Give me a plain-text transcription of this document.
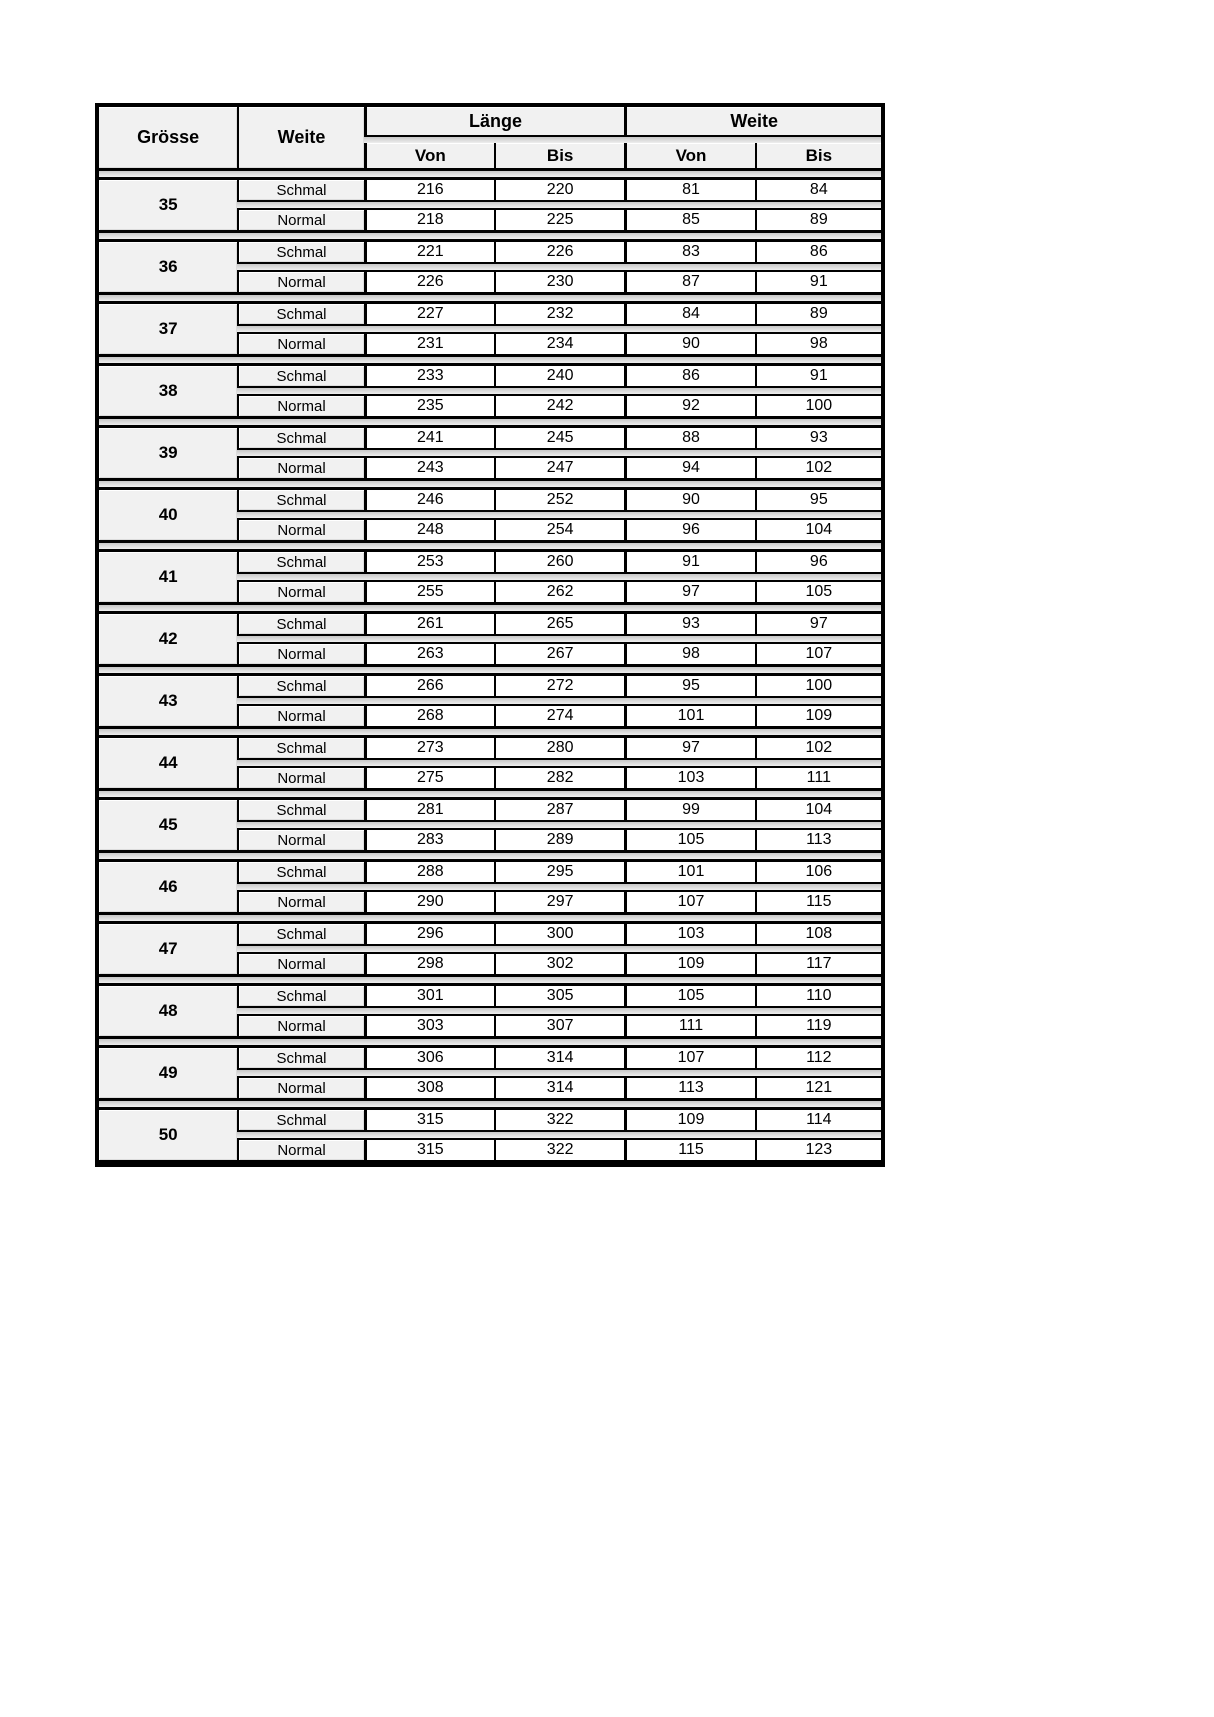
Grösse	Weite	Länge		Weite	

		Von	Bis	Von	Bis

35	Schmal	216	220	81	84

	Normal	218	225	85	89

36	Schmal	221	226	83	86

	Normal	226	230	87	91

37	Schmal	227	232	84	89

	Normal	231	234	90	98

38	Schmal	233	240	86	91

	Normal	235	242	92	100

39	Schmal	241	245	88	93

	Normal	243	247	94	102

40	Schmal	246	252	90	95

	Normal	248	254	96	104

41	Schmal	253	260	91	96

	Normal	255	262	97	105

42	Schmal	261	265	93	97

	Normal	263	267	98	107

43	Schmal	266	272	95	100

	Normal	268	274	101	109

44	Schmal	273	280	97	102

	Normal	275	282	103	111

45	Schmal	281	287	99	104

	Normal	283	289	105	113

46	Schmal	288	295	101	106

	Normal	290	297	107	115

47	Schmal	296	300	103	108

	Normal	298	302	109	117

48	Schmal	301	305	105	110

	Normal	303	307	111	119

49	Schmal	306	314	107	112

	Normal	308	314	113	121

50	Schmal	315	322	109	114

	Normal	315	322	115	123
